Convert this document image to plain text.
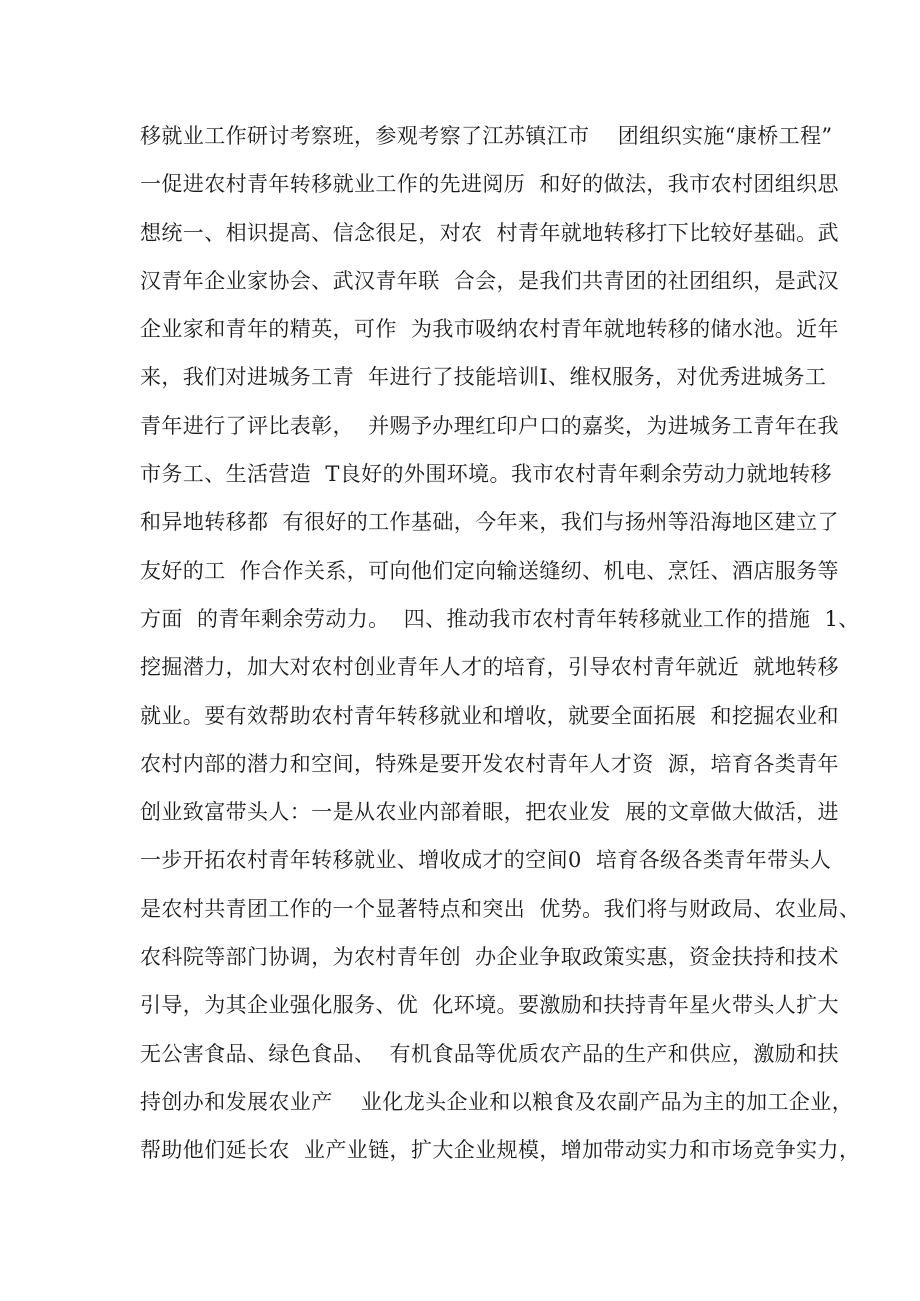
移就业工作研讨考察班，参观考察了江苏镇江市    团组织实施“康桥工程”
一促进农村青年转移就业工作的先进阅历  和好的做法，我市农村团组织思
想统一、相识提高、信念很足，对农  村青年就地转移打下比较好基础。武
汉青年企业家协会、武汉青年联  合会，是我们共青团的社团组织，是武汉
企业家和青年的精英，可作  为我市吸纳农村青年就地转移的储水池。近年
来，我们对进城务工青  年进行了技能培训I、维权服务，对优秀进城务工
青年进行了评比表彰，  并赐予办理红印户口的嘉奖，为进城务工青年在我
市务工、生活营造  T良好的外围环境。我市农村青年剩余劳动力就地转移
和异地转移都  有很好的工作基础，今年来，我们与扬州等沿海地区建立了
友好的工  作合作关系，可向他们定向输送缝纫、机电、烹饪、酒店服务等
方面  的青年剩余劳动力。  四、推动我市农村青年转移就业工作的措施  1、
挖掘潜力，加大对农村创业青年人才的培育，引导农村青年就近  就地转移
就业。要有效帮助农村青年转移就业和增收，就要全面拓展  和挖掘农业和
农村内部的潜力和空间，特殊是要开发农村青年人才资  源，培育各类青年
创业致富带头人：一是从农业内部着眼，把农业发  展的文章做大做活，进
一步开拓农村青年转移就业、增收成才的空间0  培育各级各类青年带头人
是农村共青团工作的一个显著特点和突出  优势。我们将与财政局、农业局、
农科院等部门协调，为农村青年创  办企业争取政策实惠，资金扶持和技术
引导，为其企业强化服务、优  化环境。要激励和扶持青年星火带头人扩大
无公害食品、绿色食品、  有机食品等优质农产品的生产和供应，激励和扶
持创办和发展农业产    业化龙头企业和以粮食及农副产品为主的加工企业，
帮助他们延长农  业产业链，扩大企业规模，增加带动实力和市场竞争实力，
